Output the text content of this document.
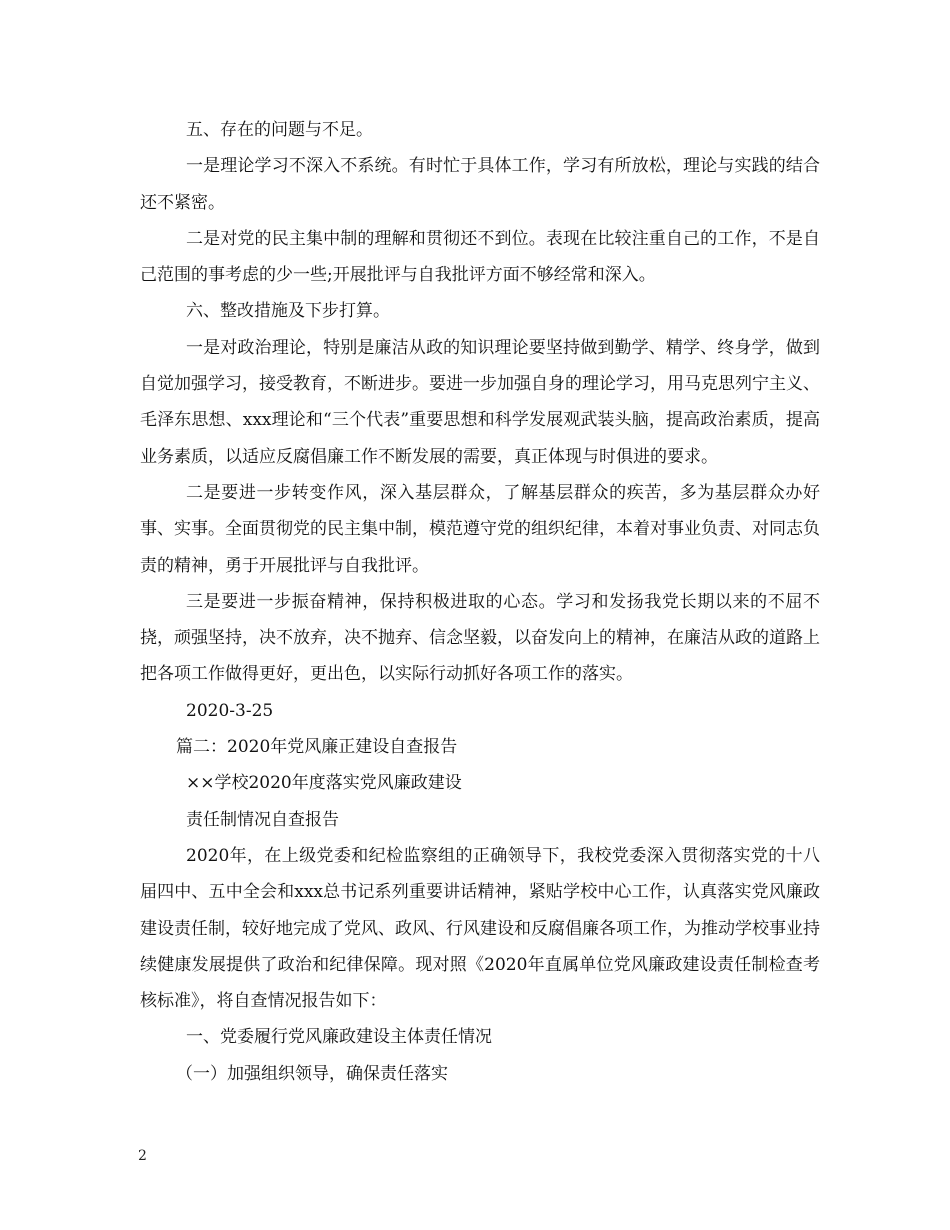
五、存在的问题与不足。

一是理论学习不深入不系统。有时忙于具体工作，学习有所放松，理论与实践的结合还不紧密。

二是对党的民主集中制的理解和贯彻还不到位。表现在比较注重自己的工作，不是自己范围的事考虑的少一些;开展批评与自我批评方面不够经常和深入。

六、整改措施及下步打算。

一是对政治理论，特别是廉洁从政的知识理论要坚持做到勤学、精学、终身学，做到自觉加强学习，接受教育，不断进步。要进一步加强自身的理论学习，用马克思列宁主义、毛泽东思想、xxx理论和“三个代表”重要思想和科学发展观武装头脑，提高政治素质，提高业务素质，以适应反腐倡廉工作不断发展的需要，真正体现与时俱进的要求。

二是要进一步转变作风，深入基层群众，了解基层群众的疾苦，多为基层群众办好事、实事。全面贯彻党的民主集中制，模范遵守党的组织纪律，本着对事业负责、对同志负责的精神，勇于开展批评与自我批评。

三是要进一步振奋精神，保持积极进取的心态。学习和发扬我党长期以来的不屈不挠，顽强坚持，决不放弃，决不抛弃、信念坚毅，以奋发向上的精神，在廉洁从政的道路上把各项工作做得更好，更出色，以实际行动抓好各项工作的落实。

2020-3-25

篇二：2020年党风廉正建设自查报告

××学校2020年度落实党风廉政建设

责任制情况自查报告

2020年，在上级党委和纪检监察组的正确领导下，我校党委深入贯彻落实党的十八届四中、五中全会和xxx总书记系列重要讲话精神，紧贴学校中心工作，认真落实党风廉政建设责任制，较好地完成了党风、政风、行风建设和反腐倡廉各项工作，为推动学校事业持续健康发展提供了政治和纪律保障。现对照《2020年直属单位党风廉政建设责任制检查考核标准》，将自查情况报告如下：

一、党委履行党风廉政建设主体责任情况

（一）加强组织领导，确保责任落实

2
